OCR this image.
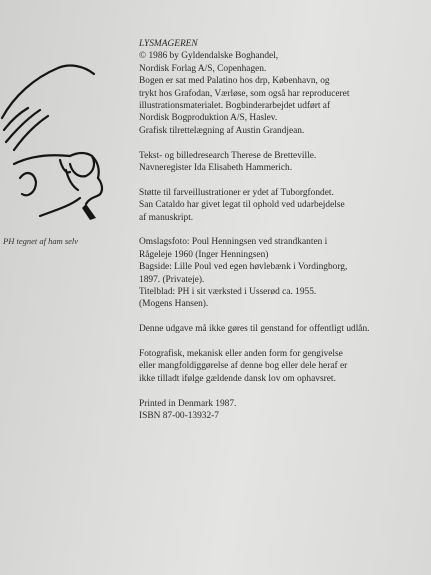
PH tegnet af ham selv

LYSMAGEREN
© 1986 by Gyldendalske Boghandel,
Nordisk Forlag A/S, Copenhagen.
Bogen er sat med Palatino hos drp, København, og
trykt hos Grafodan, Værløse, som også har reproduceret
illustrationsmaterialet. Bogbinderarbejdet udført af
Nordisk Bogproduktion A/S, Haslev.
Grafisk tilrettelægning af Austin Grandjean.

Tekst- og billedresearch Therese de Bretteville.
Navneregister Ida Elisabeth Hammerich.

Støtte til farveillustrationer er ydet af Tuborgfondet.
San Cataldo har givet legat til ophold ved udarbejdelse
af manuskript.

Omslagsfoto: Poul Henningsen ved strandkanten i
Rågeleje 1960 (Inger Henningsen)
Bagside: Lille Poul ved egen høvlebænk i Vordingborg,
1897. (Privateje).
Titelblad: PH i sit værksted i Usserød ca. 1955.
(Mogens Hansen).

Denne udgave må ikke gøres til genstand for offentligt udlån.

Fotografisk, mekanisk eller anden form for gengivelse
eller mangfoldiggørelse af denne bog eller dele heraf er
ikke tilladt ifølge gældende dansk lov om ophavsret.

Printed in Denmark 1987.
ISBN 87-00-13932-7
